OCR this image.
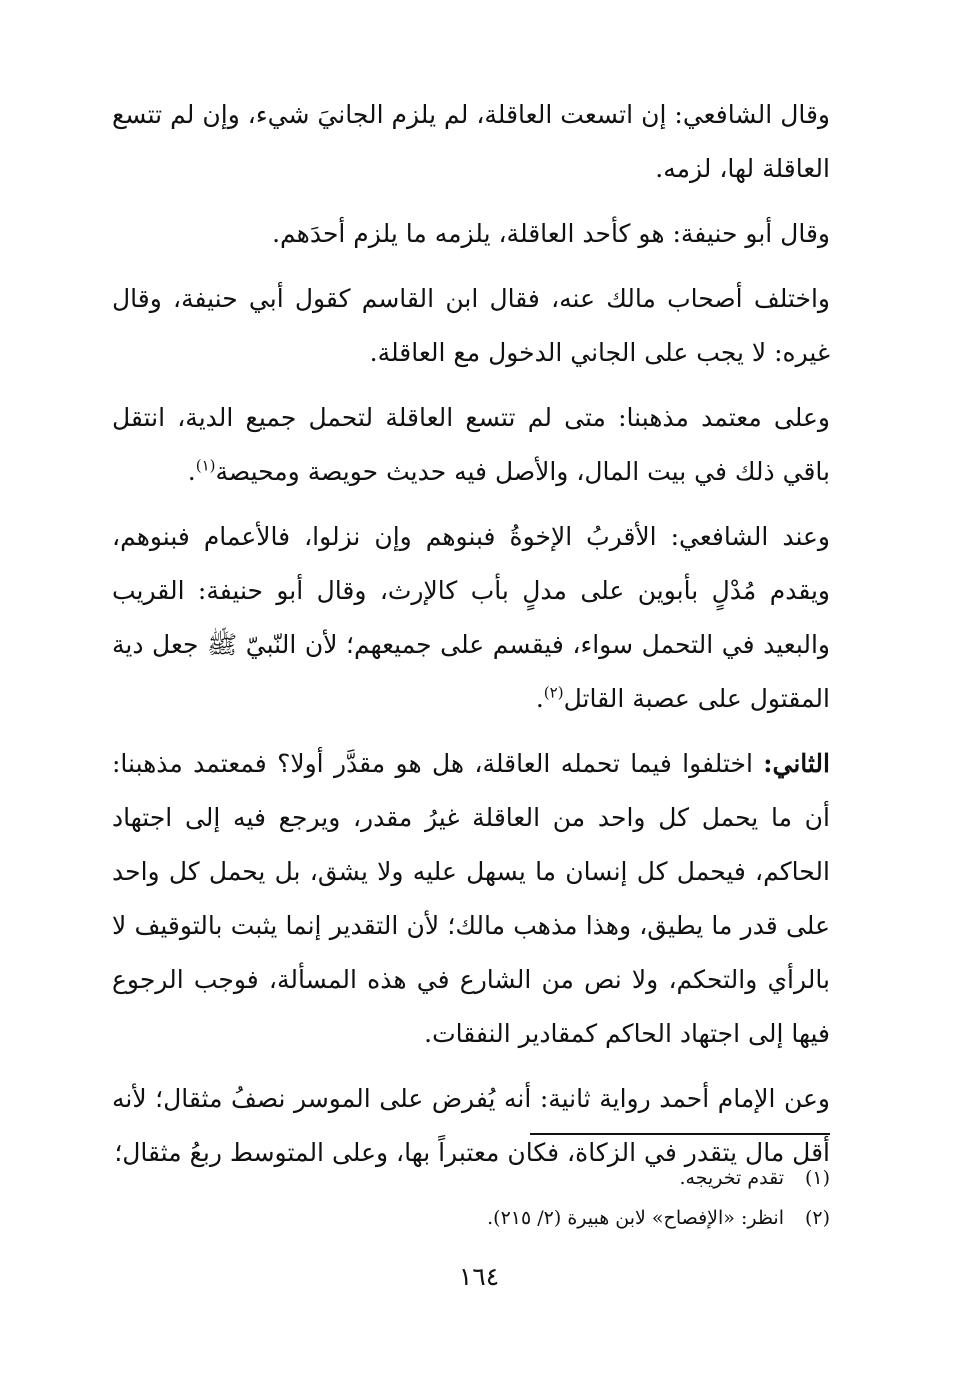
وقال الشافعي: إن اتسعت العاقلة، لم يلزم الجانيَ شيء، وإن لم تتسع العاقلة لها، لزمه.

وقال أبو حنيفة: هو كأحد العاقلة، يلزمه ما يلزم أحدَهم.

واختلف أصحاب مالك عنه، فقال ابن القاسم كقول أبي حنيفة، وقال غيره: لا يجب على الجاني الدخول مع العاقلة.

وعلى معتمد مذهبنا: متى لم تتسع العاقلة لتحمل جميع الدية، انتقل باقي ذلك في بيت المال، والأصل فيه حديث حويصة ومحيصة$^{(١)}$.

وعند الشافعي: الأقربُ الإخوةُ فبنوهم وإن نزلوا، فالأعمام فبنوهم، ويقدم مُدْلٍ بأبوين على مدلٍ بأب كالإرث، وقال أبو حنيفة: القريب والبعيد في التحمل سواء، فيقسم على جميعهم؛ لأن النّبيّ ﷺ جعل دية المقتول على عصبة القاتل$^{(٢)}$.

الثاني: اختلفوا فيما تحمله العاقلة، هل هو مقدَّر أولا؟ فمعتمد مذهبنا: أن ما يحمل كل واحد من العاقلة غيرُ مقدر، ويرجع فيه إلى اجتهاد الحاكم، فيحمل كل إنسان ما يسهل عليه ولا يشق، بل يحمل كل واحد على قدر ما يطيق، وهذا مذهب مالك؛ لأن التقدير إنما يثبت بالتوقيف لا بالرأي والتحكم، ولا نص من الشارع في هذه المسألة، فوجب الرجوع فيها إلى اجتهاد الحاكم كمقادير النفقات.

وعن الإمام أحمد رواية ثانية: أنه يُفرض على الموسر نصفُ مثقال؛ لأنه أقل مال يتقدر في الزكاة، فكان معتبراً بها، وعلى المتوسط ربعُ مثقال؛

(١)
تقدم تخريجه.
(٢)
انظر: «الإفصاح» لابن هبيرة (٢/ ٢١٥).
١٦٤
